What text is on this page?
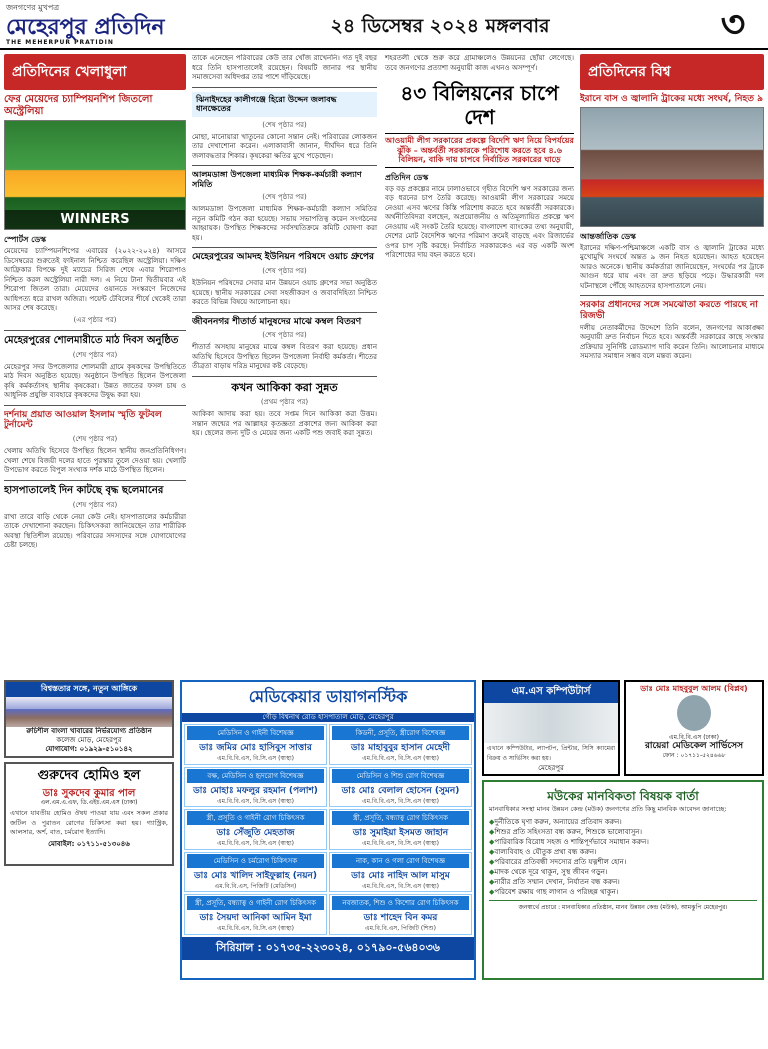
জনগণের মুখপত্র
মেহেরপুর প্রতিদিন
THE MEHERPUR PRATIDIN
২৪ ডিসেম্বর ২০২৪ মঙ্গলবার	৩
প্রতিদিনের খেলাধুলা
ফের মেয়েদের চ্যাম্পিয়নশিপ জিতলো অস্ট্রেলিয়া
WINNERS
স্পোর্টস ডেস্ক
মেয়েদের চ্যাম্পিয়নশিপের এবারের (২০২২-২০২৪) আসরে ডিসেম্বরের শুরুতেই ফাইনাল নিশ্চিত করেছিল অস্ট্রেলিয়া। দক্ষিণ আফ্রিকার বিপক্ষে দুই ম্যাচের সিরিজ শেষে এবার শিরোপাও নিশ্চিত করল অস্ট্রেলিয়া নারী দল। এ নিয়ে টানা দ্বিতীয়বার এই শিরোপা জিতল তারা। মেয়েদের ওয়ানডে সংস্করণে নিজেদের আধিপত্য ধরে রাখল অজিরা। পয়েন্ট টেবিলের শীর্ষে থেকেই তারা আসর শেষ করেছে।
(এর পৃষ্ঠার পর)
মেহেরপুরের শোলমারীতে মাঠ দিবস অনুষ্ঠিত
(শেষ পৃষ্ঠার পর)
মেহেরপুর সদর উপজেলার শোলমারী গ্রামে কৃষকদের উপস্থিতিতে মাঠ দিবস অনুষ্ঠিত হয়েছে। অনুষ্ঠানে উপস্থিত ছিলেন উপজেলা কৃষি কর্মকর্তাসহ স্থানীয় কৃষকেরা। উন্নত জাতের ফসল চাষ ও আধুনিক প্রযুক্তি ব্যবহারে কৃষকদের উদ্বুদ্ধ করা হয়।
দর্শনায় প্রয়াত আওয়াল ইসলাম স্মৃতি ফুটবল টুর্নামেন্ট
(শেষ পৃষ্ঠার পর)
খেলায় অতিথি হিসেবে উপস্থিত ছিলেন স্থানীয় জনপ্রতিনিধিগণ। খেলা শেষে বিজয়ী দলের হাতে পুরস্কার তুলে দেওয়া হয়। খেলাটি উপভোগ করতে বিপুল সংখ্যক দর্শক মাঠে উপস্থিত ছিলেন।
হাসপাতালেই দিন কাটছে বৃদ্ধ ছলেমানের
(শেষ পৃষ্ঠার পর)
রাখা তারে বাড়ি থেকে নেয়া কেউ নেই। হাসপাতালের কর্মচারীরা তাকে দেখাশোনা করছেন। চিকিৎসকরা জানিয়েছেন তার শারীরিক অবস্থা স্থিতিশীল রয়েছে। পরিবারের সদস্যদের সঙ্গে যোগাযোগের চেষ্টা চলছে।
তাকে এনেছেন পরিবারের কেউ তার খোঁজ রাখেননি। গত দুই বছর ধরে তিনি হাসপাতালেই রয়েছেন। বিষয়টি জানার পর স্থানীয় সমাজসেবা অধিদপ্তর তার পাশে দাঁড়িয়েছে।
ঝিনাইদহের কালীগঞ্জে হিরো উদ্দেন জলাবদ্ধ ধানক্ষেতের
(শেষ পৃষ্ঠার পর)
মোছা, মানোয়ারা খাতুনের কোনো সন্তান নেই। পরিবারের লোকজন তার দেখাশোনা করেন। এলাকাবাসী জানান, দীর্ঘদিন ধরে তিনি জলাবদ্ধতার শিকার। কৃষকেরা ক্ষতির মুখে পড়েছেন।
আলমডাঙ্গা উপজেলা মাধ্যমিক শিক্ষক-কর্মচারী কল্যাণ সমিতি
(শেষ পৃষ্ঠার পর)
আলমডাঙ্গা উপজেলা মাধ্যমিক শিক্ষক-কর্মচারী কল্যাণ সমিতির নতুন কমিটি গঠন করা হয়েছে। সভায় সভাপতিত্ব করেন সংগঠনের আহ্বায়ক। উপস্থিত শিক্ষকদের সর্বসম্মতিক্রমে কমিটি ঘোষণা করা হয়।
মেহেরপুরের আমদহ ইউনিয়ন পরিষদে ওয়াচ গ্রুপের
(শেষ পৃষ্ঠার পর)
ইউনিয়ন পরিষদের সেবার মান উন্নয়নে ওয়াচ গ্রুপের সভা অনুষ্ঠিত হয়েছে। স্থানীয় সরকারের সেবা সহজীকরণ ও জবাবদিহিতা নিশ্চিত করতে বিভিন্ন বিষয়ে আলোচনা হয়।
জীবননগর শীতার্ত মানুষদের মাঝে কম্বল বিতরণ
(শেষ পৃষ্ঠার পর)
শীতার্ত অসহায় মানুষের মাঝে কম্বল বিতরণ করা হয়েছে। প্রধান অতিথি হিসেবে উপস্থিত ছিলেন উপজেলা নির্বাহী কর্মকর্তা। শীতের তীব্রতা বাড়ায় দরিদ্র মানুষের কষ্ট বেড়েছে।
কখন আকিকা করা সুন্নত
(প্রথম পৃষ্ঠার পর)
আকিকা আদায় করা হয়। তবে সপ্তম দিনে আকিকা করা উত্তম। সন্তান জন্মের পর আল্লাহর কৃতজ্ঞতা প্রকাশের জন্য আকিকা করা হয়। ছেলের জন্য দুটি ও মেয়ের জন্য একটি পশু জবাই করা সুন্নত।
শহরতলী থেকে শুরু করে গ্রামাঞ্চলেও উন্নয়নের ছোঁয়া লেগেছে। তবে জনগণের প্রত্যাশা অনুযায়ী কাজ এখনও অসম্পূর্ণ।
৪৩ বিলিয়নের চাপে দেশ
আওয়ামী লীগ সরকারের প্রকল্পে বিদেশি ঋণ নিয়ে বিপর্যয়ের ঝুঁকি – অন্তর্বর্তী সরকারকে পরিশোধ করতে হবে ৪.৬ বিলিয়ন, বাকি দায় চাপবে নির্বাচিত সরকারের ঘাড়ে
প্রতিদিন ডেস্ক
বড় বড় প্রকল্পের নামে ঢালাওভাবে গৃহীত বিদেশি ঋণ সরকারের জন্য বড় ধরনের চাপ তৈরি করেছে। আওয়ামী লীগ সরকারের সময়ে নেওয়া এসব ঋণের কিস্তি পরিশোধ করতে হবে অন্তর্বর্তী সরকারকে। অর্থনীতিবিদরা বলছেন, অপ্রয়োজনীয় ও অতিমূল্যায়িত প্রকল্পে ঋণ নেওয়ায় এই সংকট তৈরি হয়েছে। বাংলাদেশ ব্যাংকের তথ্য অনুযায়ী, দেশের মোট বৈদেশিক ঋণের পরিমাণ ক্রমেই বাড়ছে এবং রিজার্ভের ওপর চাপ সৃষ্টি করছে। নির্বাচিত সরকারকেও এর বড় একটি অংশ পরিশোধের দায় বহন করতে হবে।
প্রতিদিনের বিশ্ব
ইরানে বাস ও জ্বালানি ট্রাকের মধ্যে সংঘর্ষ, নিহত ৯
আন্তর্জাতিক ডেস্ক
ইরানের দক্ষিণ-পশ্চিমাঞ্চলে একটি বাস ও জ্বালানি ট্রাকের মধ্যে মুখোমুখি সংঘর্ষে অন্তত ৯ জন নিহত হয়েছেন। আহত হয়েছেন আরও অনেকে। স্থানীয় কর্মকর্তারা জানিয়েছেন, সংঘর্ষের পর ট্রাকে আগুন ধরে যায় এবং তা দ্রুত ছড়িয়ে পড়ে। উদ্ধারকারী দল ঘটনাস্থলে পৌঁছে আহতদের হাসপাতালে নেয়।
সরকার প্রধানদের সঙ্গে সমঝোতা করতে পারছে না রিজভী
দলীয় নেতাকর্মীদের উদ্দেশে তিনি বলেন, জনগণের আকাঙ্ক্ষা অনুযায়ী দ্রুত নির্বাচন দিতে হবে। অন্তর্বর্তী সরকারের কাছে সংস্কার প্রক্রিয়ার সুনির্দিষ্ট রোডম্যাপ দাবি করেন তিনি। আলোচনার মাধ্যমে সমস্যার সমাধান সম্ভব বলে মন্তব্য করেন।
বিশ্বস্ততার সঙ্গে, নতুন আঙ্গিকে
রুচিশীল বাংলা খাবারের নির্ভরযোগ্য প্রতিষ্ঠান
কলেজ মোড়, মেহেরপুর
যোগাযোগ: ০১৯২৯-৫১০১৪২
গুরুদেব হোমিও হল
ডাঃ সুকদেব কুমার পাল
এল.এম.এ.এফ, ডি.এইচ.এম.এস (ঢাকা)
এখানে যাবতীয় হোমিও ঔষধ পাওয়া যায় এবং সকল প্রকার জটিল ও পুরাতন রোগের চিকিৎসা করা হয়। গ্যাস্ট্রিক, আলসার, অর্শ, বাত, চর্মরোগ ইত্যাদি।
মোবাইল: ০১৭১১-৫১৩০৪৬
মেডিকেয়ার ডায়াগনস্টিক
গৌড় বিশ্বনাথ রোড হাসপাতাল মোড়, মেহেরপুর
মেডিসিন ও গাইনী বিশেষজ্ঞ
ডাঃ জমির মোঃ হাসিবুস সাত্তার
এম.বি.বি.এস, বি.সি.এস (স্বাস্থ্য)
কিডনী, প্রসূতি, স্ত্রীরোগ বিশেষজ্ঞ
ডাঃ মাহাবুবুর হাসান মেহেদী
এম.বি.বি.এস, বি.সি.এস (স্বাস্থ্য)
বক্ষ, মেডিসিন ও হৃদরোগ বিশেষজ্ঞ
ডাঃ মোহাঃ মফলুর রহমান (পলাশ)
এম.বি.বি.এস, বি.সি.এস (স্বাস্থ্য)
মেডিসিন ও শিশু রোগ বিশেষজ্ঞ
ডাঃ মোঃ বেলাল হোসেন (সুমন)
এম.বি.বি.এস, বি.সি.এস (স্বাস্থ্য)
স্ত্রী, প্রসূতি ও গাইনী রোগ চিকিৎসক
ডাঃ সেঁজুতি মেহতাজ
এম.বি.বি.এস, বি.সি.এস (স্বাস্থ্য)
স্ত্রী, প্রসূতি, বন্ধ্যাত্ব রোগ চিকিৎসক
ডাঃ সুমাইয়া ইসমত জাহান
এম.বি.বি.এস, বি.সি.এস (স্বাস্থ্য)
মেডিসিন ও চর্মরোগ চিকিৎসক
ডাঃ মোঃ খালিদ সাইফুল্লাহ (নয়ন)
এম.বি.বি.এস, পিজিটি (মেডিসিন)
নাক, কান ও গলা রোগ বিশেষজ্ঞ
ডাঃ মোঃ নাহিদ আল মাসুম
এম.বি.বি.এস, বি.সি.এস (স্বাস্থ্য)
স্ত্রী, প্রসূতি, বন্ধ্যাত্ব ও গাইনী রোগ চিকিৎসক
ডাঃ সৈয়দা আনিকা আমিন ইমা
এম.বি.বি.এস, বি.সি.এস (স্বাস্থ্য)
নবজাতক, শিশু ও কিশোর রোগ চিকিৎসক
ডাঃ শাহেদ বিন কমর
এম.বি.বি.এস, পিজিটি (শিশু)
সিরিয়াল : ০১৭৩৫-২২৩০২৪, ০১৭৯০-৫৬৪০৩৬
এম.এস কম্পিউটার্স
এখানে কম্পিউটার, ল্যাপটপ, প্রিন্টার, সিসি ক্যামেরা বিক্রয় ও সার্ভিসিং করা হয়।
মেহেরপুর
ডাঃ মোঃ মাহবুবুল আলম (বিপ্লব)
এম.বি.বি.এস (ঢাকা)
রায়েরা মেডিকেল সার্ভিসেস
ফোন : ০১৭১১-৫২৪৬৬৮
মউকের মানবিকতা বিষয়ক বার্তা
মানবাধিকার সংস্থা মানব উন্নয়ন কেন্দ্র (মউক) জনগণের প্রতি কিছু মানবিক আবেদন জানাচ্ছে:
◆ দুর্নীতিকে ঘৃণা করুন, অন্যায়ের প্রতিবাদ করুন।
◆ শিশুর প্রতি সহিংসতা বন্ধ করুন, শিশুকে ভালোবাসুন।
◆ পারিবারিক বিরোধ সহজ ও শান্তিপূর্ণভাবে সমাধান করুন।
◆ বাল্যবিবাহ ও যৌতুক প্রথা বন্ধ করুন।
◆ পরিবারের প্রতিবন্ধী সদস্যের প্রতি যত্নশীল হোন।
◆ মাদক থেকে দূরে থাকুন, সুস্থ জীবন গড়ুন।
◆ নারীর প্রতি সম্মান দেখান, নির্যাতন বন্ধ করুন।
◆ পরিবেশ রক্ষায় গাছ লাগান ও পরিচ্ছন্ন থাকুন।
জনস্বার্থে প্রচারে : মানবাধিকার প্রতিষ্ঠান, মানব উন্নয়ন কেন্দ্র (মউক), আমঝুপি মেহেরপুর।
